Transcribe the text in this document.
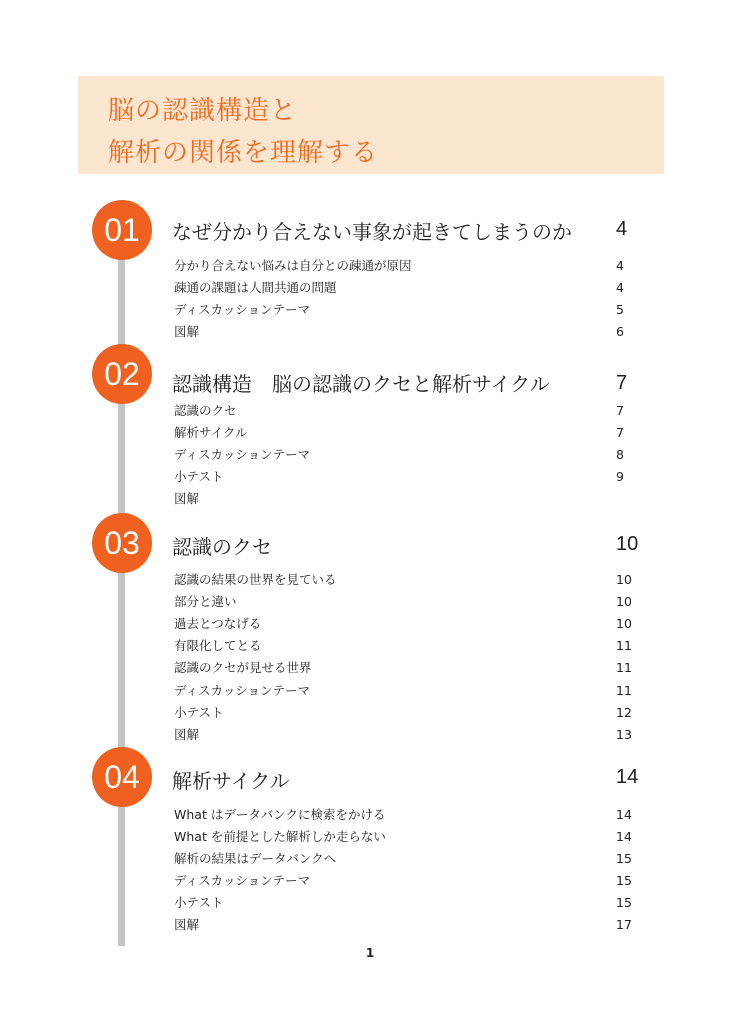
脳の認識構造と
解析の関係を理解する
01	なぜ分かり合えない事象が起きてしまうのか 4
分かり合えない悩みは自分との疎通が原因	4
疎通の課題は人間共通の問題	4
ディスカッションテーマ	5
図解	6
02	認識構造　脳の認識のクセと解析サイクル	7
認識のクセ	7
解析サイクル	7
ディスカッションテーマ	8
小テスト	9
図解
03	認識のクセ	10
認識の結果の世界を見ている	10
部分と違い	10
過去とつなげる	10
有限化してとる	11
認識のクセが見せる世界	11
ディスカッションテーマ	11
小テスト	12
図解	13
04	解析サイクル	14
What はデータバンクに検索をかける	14
What を前提とした解析しか走らない	14
解析の結果はデータバンクへ	15
ディスカッションテーマ	15
小テスト	15
図解	17
1
